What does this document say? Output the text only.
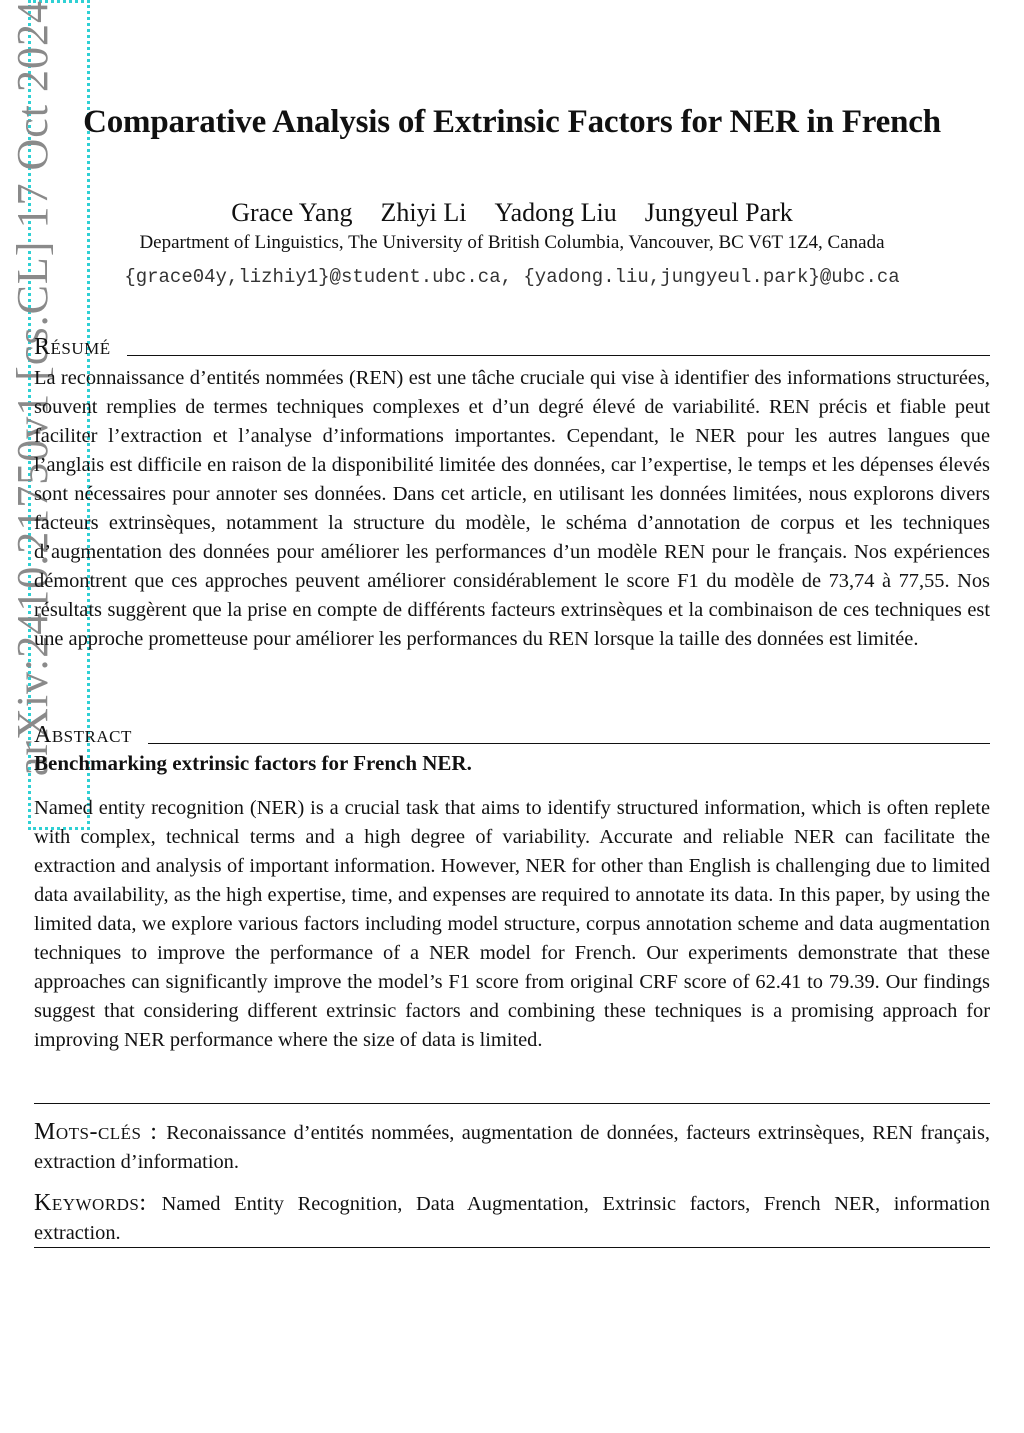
arXiv:2410.21750v1 [cs.CL] 17 Oct 2024 Comparative Analysis of Extrinsic Factors for NER in French
Grace Yang Zhiyi Li Yadong Liu Jungyeul Park
Department of Linguistics, The University of British Columbia, Vancouver, BC V6T 1Z4, Canada
{grace04y,lizhiy1}@student.ubc.ca, {yadong.liu,jungyeul.park}@ubc.ca
Résumé
La reconnaissance d’entités nommées (REN) est une tâche cruciale qui vise à identifier des informations structurées, souvent remplies de termes techniques complexes et d’un degré élevé de variabilité. REN précis et fiable peut faciliter l’extraction et l’analyse d’informations importantes. Cependant, le NER pour les autres langues que l’anglais est difficile en raison de la disponibilité limitée des données, car l’expertise, le temps et les dépenses élevés sont nécessaires pour annoter ses données. Dans cet article, en utilisant les données limitées, nous explorons divers facteurs extrinsèques, notamment la structure du modèle, le schéma d’annotation de corpus et les techniques d’augmentation des données pour améliorer les performances d’un modèle REN pour le français. Nos expériences démontrent que ces approches peuvent améliorer considérablement le score F1 du modèle de 73,74 à 77,55. Nos résultats suggèrent que la prise en compte de différents facteurs extrinsèques et la combinaison de ces techniques est une approche prometteuse pour améliorer les performances du REN lorsque la taille des données est limitée.
Abstract
Benchmarking extrinsic factors for French NER.
Named entity recognition (NER) is a crucial task that aims to identify structured information, which is often replete with complex, technical terms and a high degree of variability. Accurate and reliable NER can facilitate the extraction and analysis of important information. However, NER for other than English is challenging due to limited data availability, as the high expertise, time, and expenses are required to annotate its data. In this paper, by using the limited data, we explore various factors including model structure, corpus annotation scheme and data augmentation techniques to improve the performance of a NER model for French. Our experiments demonstrate that these approaches can significantly improve the model’s F1 score from original CRF score of 62.41 to 79.39. Our findings suggest that considering different extrinsic factors and combining these techniques is a promising approach for improving NER performance where the size of data is limited.
Mots-clés : Reconaissance d’entités nommées, augmentation de données, facteurs extrinsèques, REN français, extraction d’information.
Keywords: Named Entity Recognition, Data Augmentation, Extrinsic factors, French NER, information extraction.
